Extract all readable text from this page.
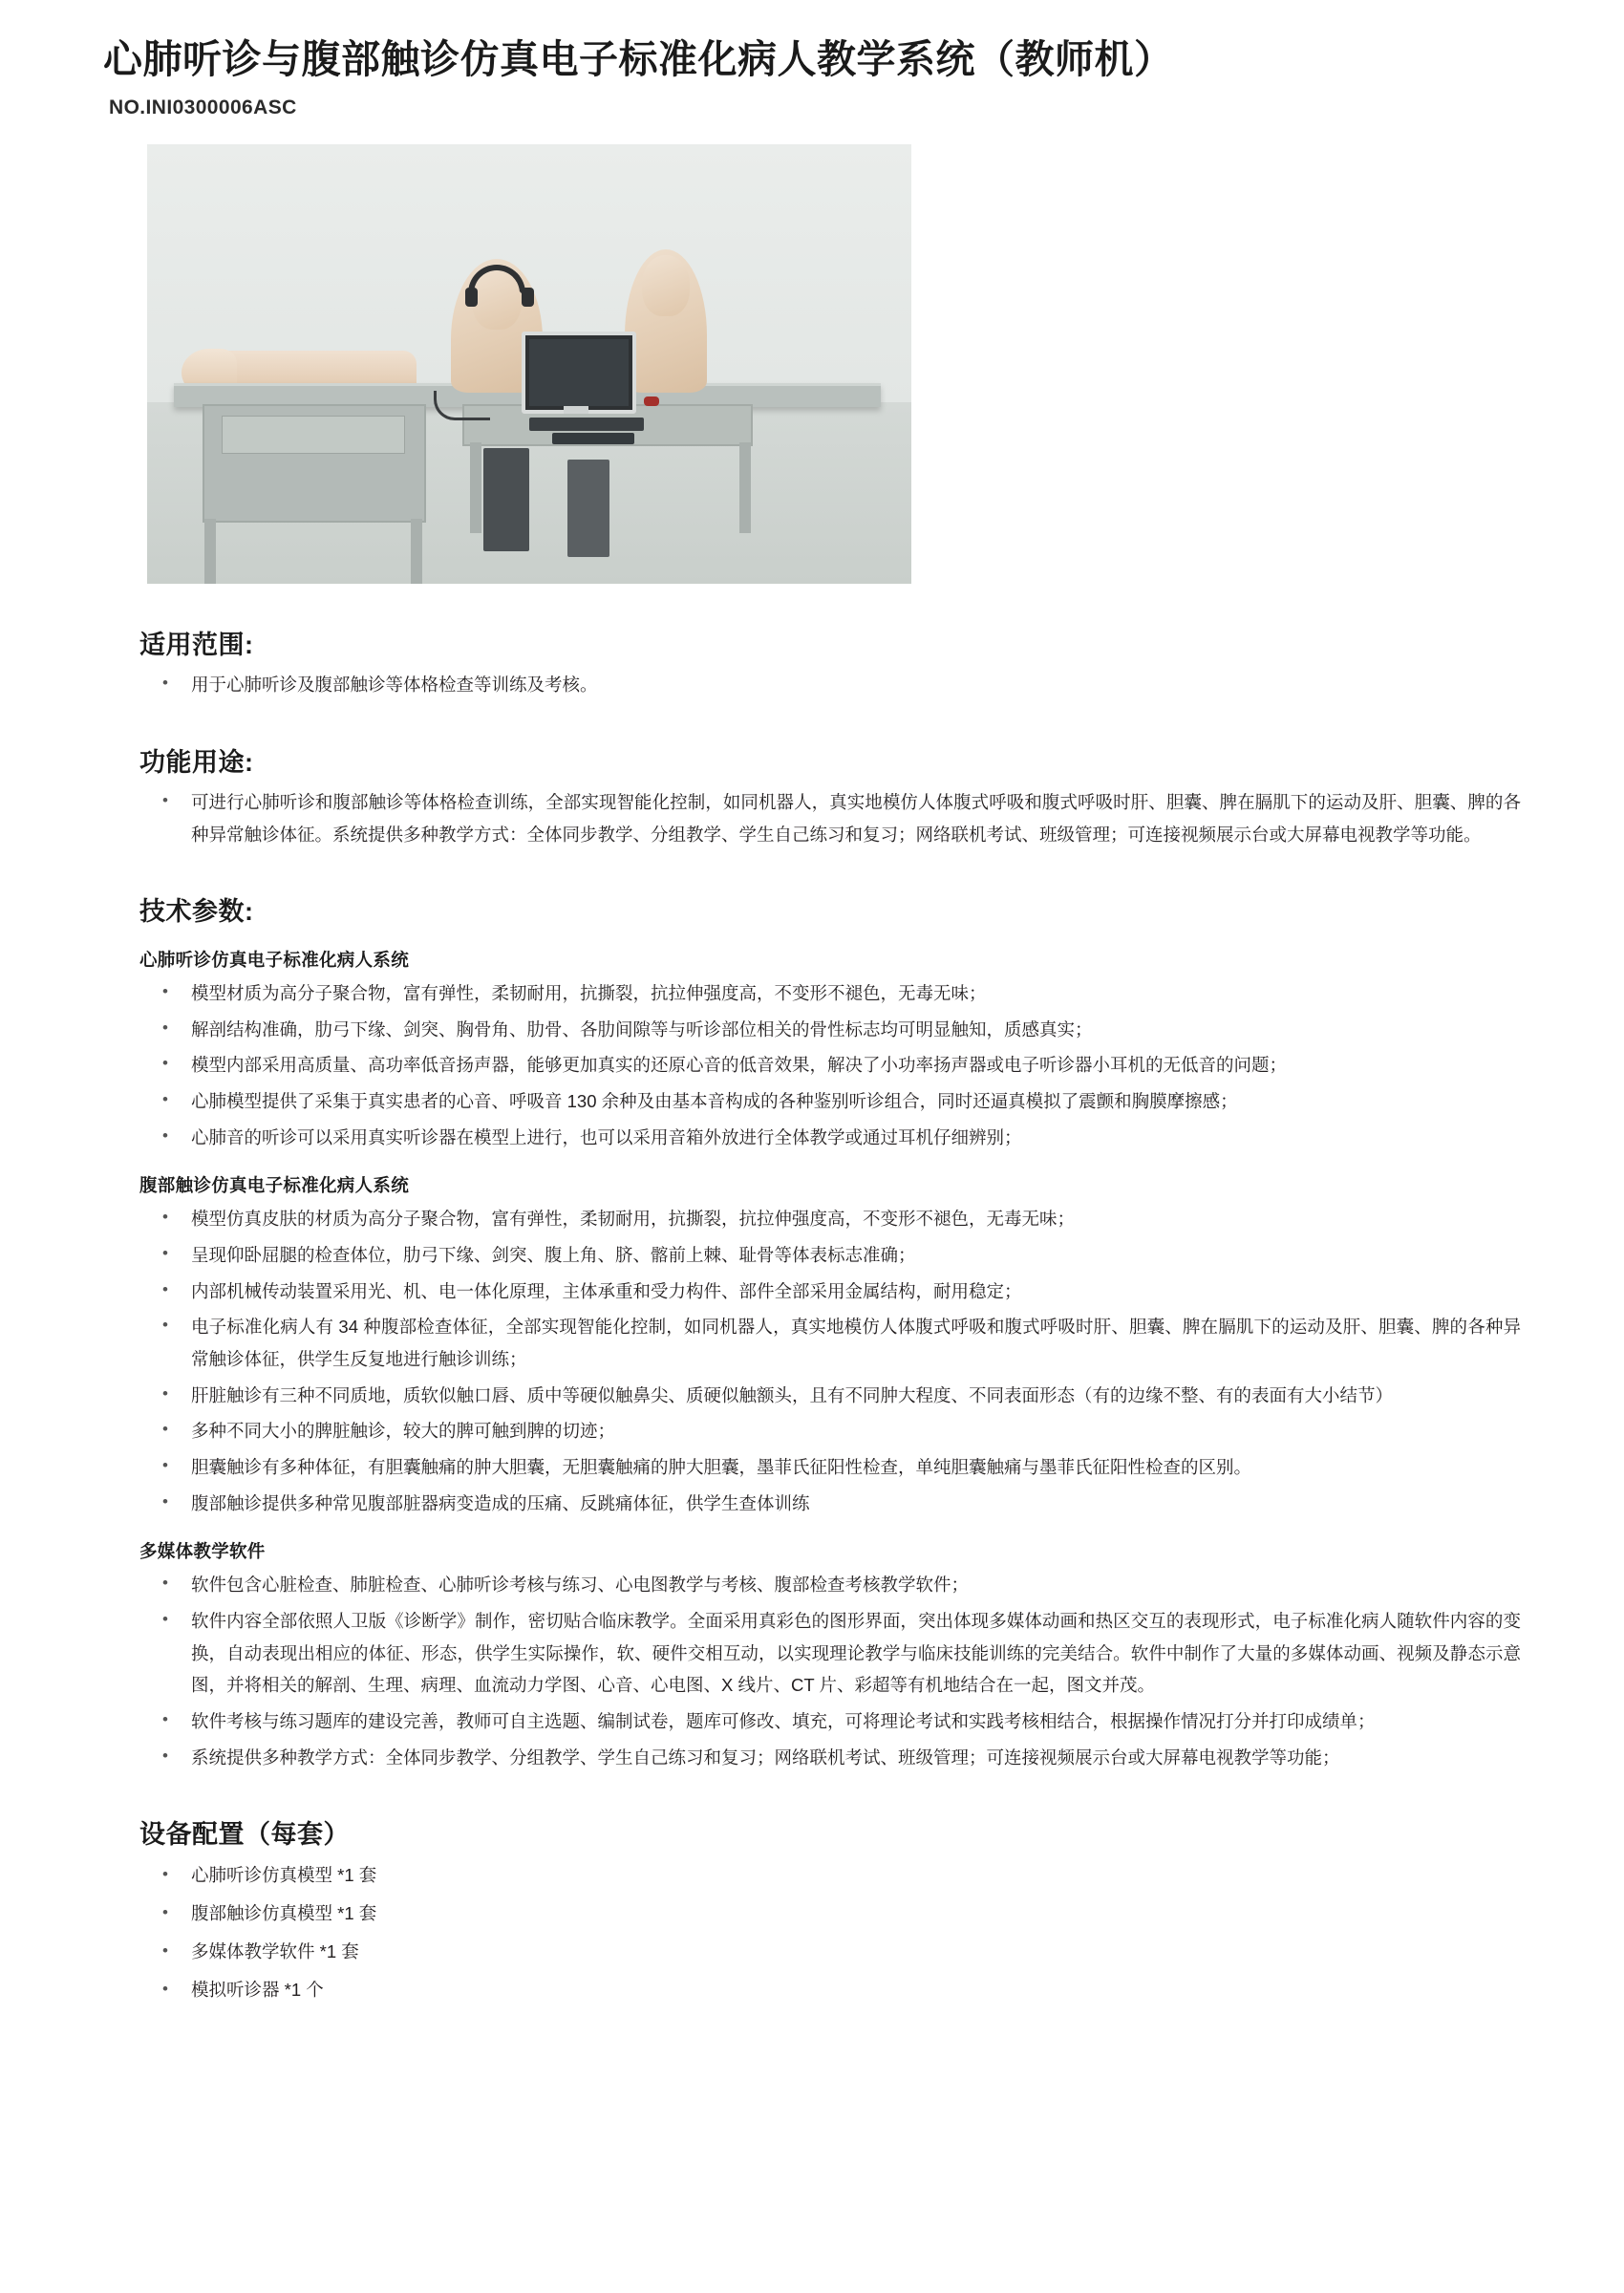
心肺听诊与腹部触诊仿真电子标准化病人教学系统（教师机）
NO.INI0300006ASC
适用范围:
• 用于心肺听诊及腹部触诊等体格检查等训练及考核。
功能用途:
• 可进行心肺听诊和腹部触诊等体格检查训练，全部实现智能化控制，如同机器人，真实地模仿人体腹式呼吸和腹式呼吸时肝、胆囊、脾在膈肌下的运动及肝、胆囊、脾的各种异常触诊体征。系统提供多种教学方式：全体同步教学、分组教学、学生自己练习和复习；网络联机考试、班级管理；可连接视频展示台或大屏幕电视教学等功能。
技术参数:
心肺听诊仿真电子标准化病人系统
• 模型材质为高分子聚合物，富有弹性，柔韧耐用，抗撕裂，抗拉伸强度高，不变形不褪色，无毒无味；
• 解剖结构准确，肋弓下缘、剑突、胸骨角、肋骨、各肋间隙等与听诊部位相关的骨性标志均可明显触知，质感真实；
• 模型内部采用高质量、高功率低音扬声器，能够更加真实的还原心音的低音效果，解决了小功率扬声器或电子听诊器小耳机的无低音的问题；
• 心肺模型提供了采集于真实患者的心音、呼吸音 130 余种及由基本音构成的各种鉴别听诊组合，同时还逼真模拟了震颤和胸膜摩擦感；
• 心肺音的听诊可以采用真实听诊器在模型上进行，也可以采用音箱外放进行全体教学或通过耳机仔细辨别；
腹部触诊仿真电子标准化病人系统
• 模型仿真皮肤的材质为高分子聚合物，富有弹性，柔韧耐用，抗撕裂，抗拉伸强度高，不变形不褪色，无毒无味；
• 呈现仰卧屈腿的检查体位，肋弓下缘、剑突、腹上角、脐、髂前上棘、耻骨等体表标志准确；
• 内部机械传动装置采用光、机、电一体化原理，主体承重和受力构件、部件全部采用金属结构，耐用稳定；
• 电子标准化病人有 34 种腹部检查体征，全部实现智能化控制，如同机器人，真实地模仿人体腹式呼吸和腹式呼吸时肝、胆囊、脾在膈肌下的运动及肝、胆囊、脾的各种异常触诊体征，供学生反复地进行触诊训练；
• 肝脏触诊有三种不同质地，质软似触口唇、质中等硬似触鼻尖、质硬似触额头，且有不同肿大程度、不同表面形态（有的边缘不整、有的表面有大小结节）
• 多种不同大小的脾脏触诊，较大的脾可触到脾的切迹；
• 胆囊触诊有多种体征，有胆囊触痛的肿大胆囊，无胆囊触痛的肿大胆囊，墨菲氏征阳性检查，单纯胆囊触痛与墨菲氏征阳性检查的区别。
• 腹部触诊提供多种常见腹部脏器病变造成的压痛、反跳痛体征，供学生查体训练
多媒体教学软件
• 软件包含心脏检查、肺脏检查、心肺听诊考核与练习、心电图教学与考核、腹部检查考核教学软件；
• 软件内容全部依照人卫版《诊断学》制作，密切贴合临床教学。全面采用真彩色的图形界面，突出体现多媒体动画和热区交互的表现形式，电子标准化病人随软件内容的变换，自动表现出相应的体征、形态，供学生实际操作，软、硬件交相互动，以实现理论教学与临床技能训练的完美结合。软件中制作了大量的多媒体动画、视频及静态示意图，并将相关的解剖、生理、病理、血流动力学图、心音、心电图、X 线片、CT 片、彩超等有机地结合在一起，图文并茂。
• 软件考核与练习题库的建设完善，教师可自主选题、编制试卷，题库可修改、填充，可将理论考试和实践考核相结合，根据操作情况打分并打印成绩单；
• 系统提供多种教学方式：全体同步教学、分组教学、学生自己练习和复习；网络联机考试、班级管理；可连接视频展示台或大屏幕电视教学等功能；
设备配置（每套）
• 心肺听诊仿真模型 *1 套
• 腹部触诊仿真模型 *1 套
• 多媒体教学软件 *1 套
• 模拟听诊器 *1 个
